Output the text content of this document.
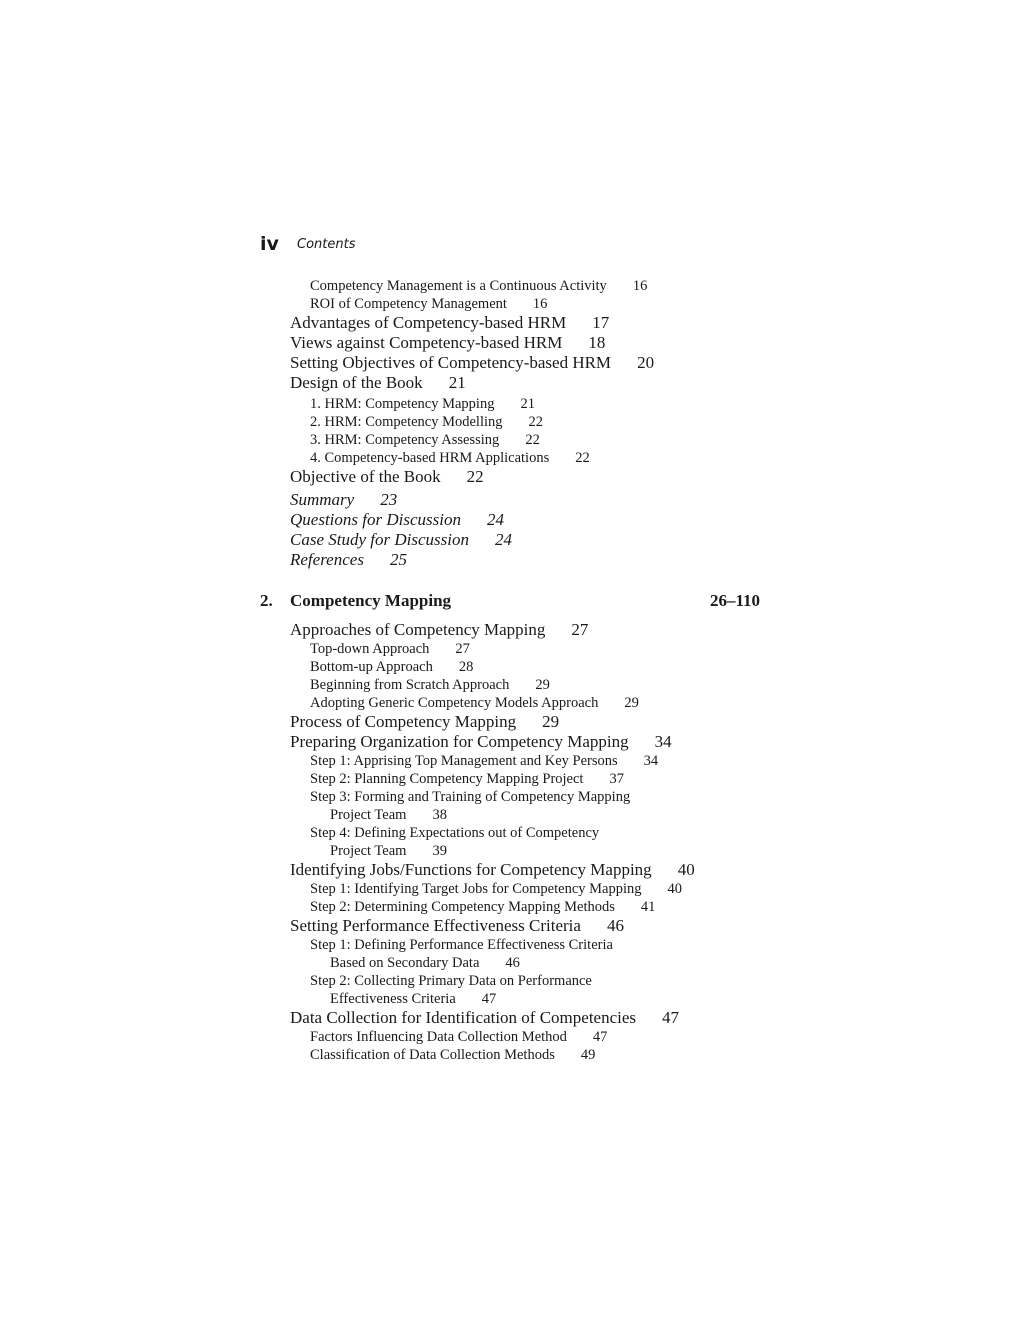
iv Contents
Competency Management is a Continuous Activity 16
ROI of Competency Management 16
Advantages of Competency-based HRM 17
Views against Competency-based HRM 18
Setting Objectives of Competency-based HRM 20
Design of the Book 21
1. HRM: Competency Mapping 21
2. HRM: Competency Modelling 22
3. HRM: Competency Assessing 22
4. Competency-based HRM Applications 22
Objective of the Book 22
Summary 23
Questions for Discussion 24
Case Study for Discussion 24
References 25
2. Competency Mapping	26–110
Approaches of Competency Mapping 27
Top-down Approach 27
Bottom-up Approach 28
Beginning from Scratch Approach 29
Adopting Generic Competency Models Approach 29
Process of Competency Mapping 29
Preparing Organization for Competency Mapping 34
Step 1: Apprising Top Management and Key Persons 34
Step 2: Planning Competency Mapping Project 37
Step 3: Forming and Training of Competency Mapping
Project Team 38
Step 4: Defining Expectations out of Competency
Project Team 39
Identifying Jobs/Functions for Competency Mapping 40
Step 1: Identifying Target Jobs for Competency Mapping 40
Step 2: Determining Competency Mapping Methods 41
Setting Performance Effectiveness Criteria 46
Step 1: Defining Performance Effectiveness Criteria
Based on Secondary Data 46
Step 2: Collecting Primary Data on Performance
Effectiveness Criteria 47
Data Collection for Identification of Competencies 47
Factors Influencing Data Collection Method 47
Classification of Data Collection Methods 49
